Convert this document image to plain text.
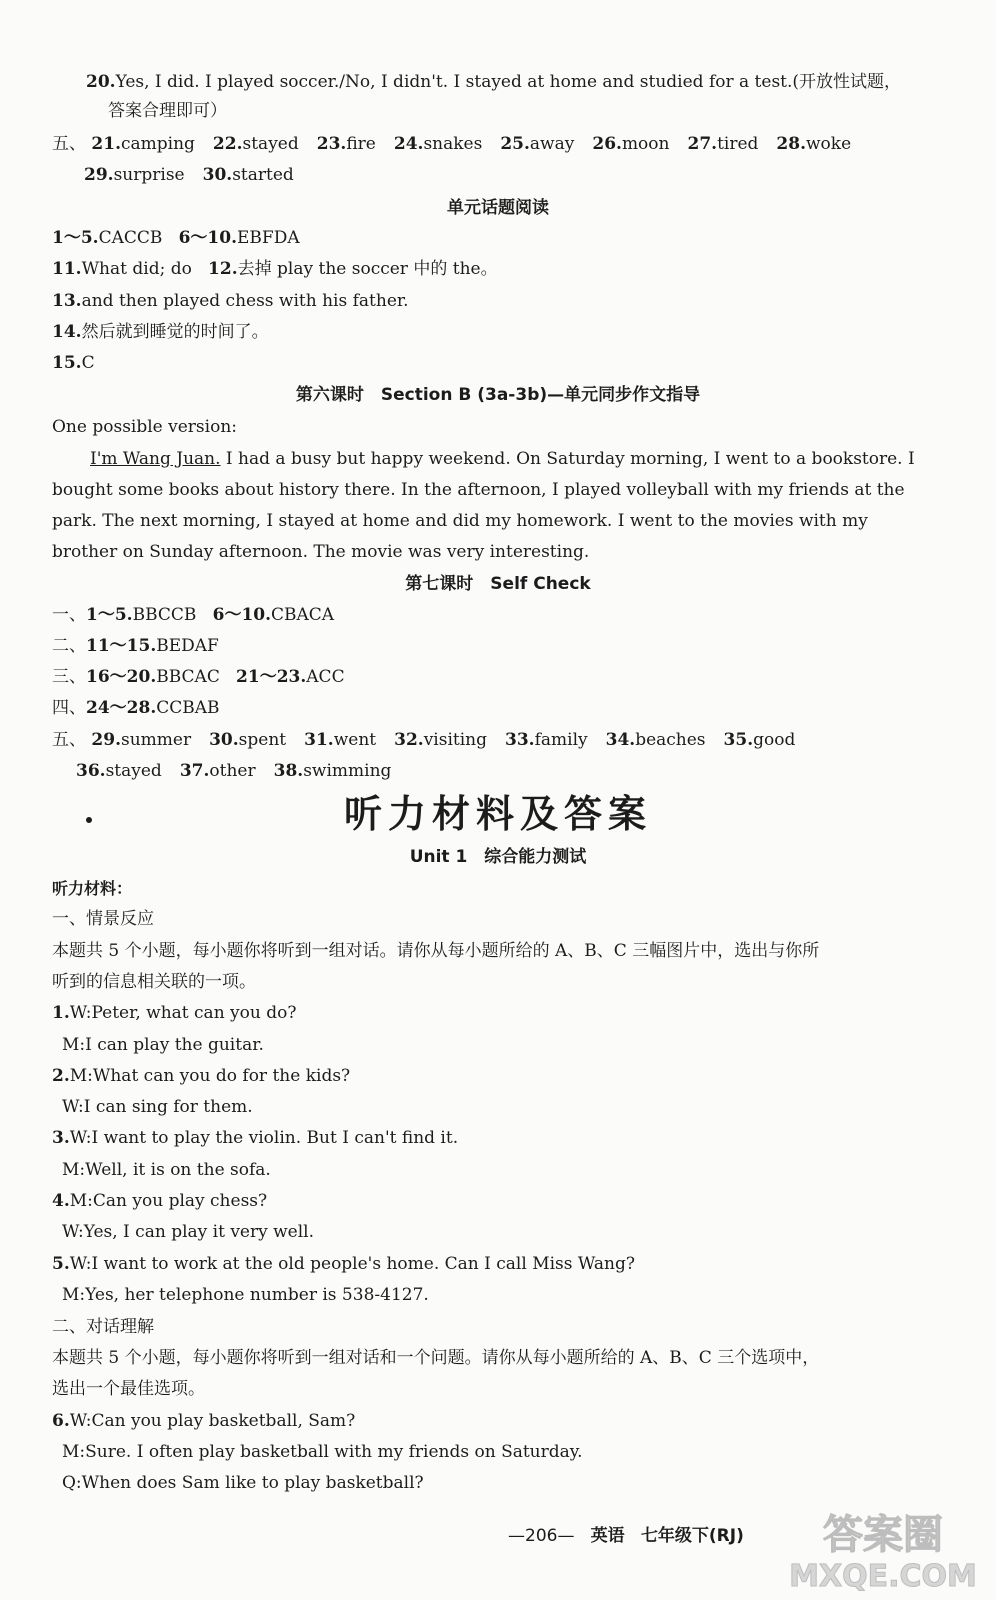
20.Yes, I did. I played soccer./No, I didn't. I stayed at home and studied for a test.(开放性试题，
答案合理即可）
五、 21.camping 22.stayed 23.fire 24.snakes 25.away 26.moon 27.tired 28.woke
29.surprise 30.started
单元话题阅读
1～5.CACCB 6～10.EBFDA
11.What did; do 12.去掉 play the soccer 中的 the。
13.and then played chess with his father.
14.然后就到睡觉的时间了。
15.C
第六课时　Section B (3a-3b)—单元同步作文指导
One possible version:
I'm Wang Juan. I had a busy but happy weekend. On Saturday morning, I went to a bookstore. I
bought some books about history there. In the afternoon, I played volleyball with my friends at the
park. The next morning, I stayed at home and did my homework. I went to the movies with my
brother on Sunday afternoon. The movie was very interesting.
第七课时　Self Check
一、1～5.BBCCB 6～10.CBACA
二、11～15.BEDAF
三、16～20.BBCAC 21～23.ACC
四、24～28.CCBAB
五、 29.summer 30.spent 31.went 32.visiting 33.family 34.beaches 35.good
36.stayed 37.other 38.swimming
听力材料及答案
Unit 1　综合能力测试
听力材料：
一、情景反应
本题共 5 个小题，每小题你将听到一组对话。请你从每小题所给的 A、B、C 三幅图片中，选出与你所
听到的信息相关联的一项。
1.W:Peter, what can you do?
M:I can play the guitar.
2.M:What can you do for the kids?
W:I can sing for them.
3.W:I want to play the violin. But I can't find it.
M:Well, it is on the sofa.
4.M:Can you play chess?
W:Yes, I can play it very well.
5.W:I want to work at the old people's home. Can I call Miss Wang?
M:Yes, her telephone number is 538-4127.
二、对话理解
本题共 5 个小题，每小题你将听到一组对话和一个问题。请你从每小题所给的 A、B、C 三个选项中，
选出一个最佳选项。
6.W:Can you play basketball, Sam?
M:Sure. I often play basketball with my friends on Saturday.
Q:When does Sam like to play basketball?
—206— 英语 七年级下(RJ) 答案圈
MXQE.COM
